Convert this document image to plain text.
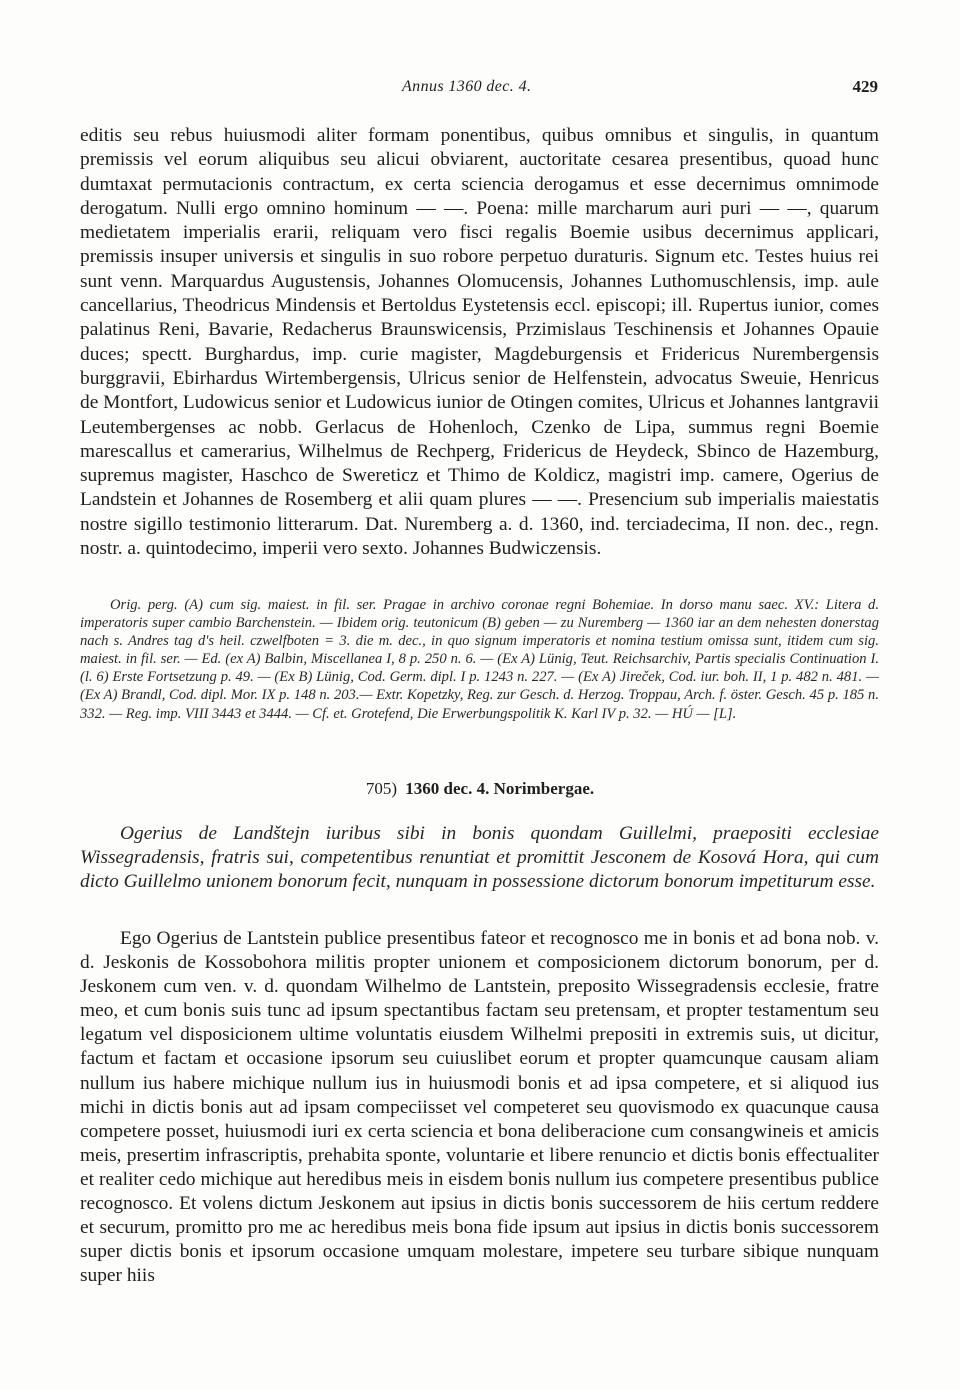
Annus 1360 dec. 4.	429

editis seu rebus huiusmodi aliter formam ponentibus, quibus omnibus et singulis, in quantum premissis vel eorum aliquibus seu alicui obviarent, auctoritate cesarea presentibus, quoad hunc dumtaxat permutacionis contractum, ex certa sciencia derogamus et esse decernimus omnimode derogatum. Nulli ergo omnino hominum — —. Poena: mille marcharum auri puri — —, quarum medietatem imperialis erarii, reliquam vero fisci regalis Boemie usibus decernimus applicari, premissis insuper universis et singulis in suo robore perpetuo duraturis. Signum etc. Testes huius rei sunt venn. Marquardus Augustensis, Johannes Olomucensis, Johannes Luthomuschlensis, imp. aule cancellarius, Theodricus Mindensis et Bertoldus Eystetensis eccl. episcopi; ill. Rupertus iunior, comes palatinus Reni, Bavarie, Redacherus Braunswicensis, Przimislaus Teschinensis et Johannes Opauie duces; spectt. Burghardus, imp. curie magister, Magdeburgensis et Fridericus Nurembergensis burggravii, Ebirhardus Wirtembergensis, Ulricus senior de Helfenstein, advocatus Sweuie, Henricus de Montfort, Ludowicus senior et Ludowicus iunior de Otingen comites, Ulricus et Johannes lantgravii Leutembergenses ac nobb. Gerlacus de Hohenloch, Czenko de Lipa, summus regni Boemie marescallus et camerarius, Wilhelmus de Rechperg, Fridericus de Heydeck, Sbinco de Hazemburg, supremus magister, Haschco de Swereticz et Thimo de Koldicz, magistri imp. camere, Ogerius de Landstein et Johannes de Rosemberg et alii quam plures — —. Presencium sub imperialis maiestatis nostre sigillo testimonio litterarum. Dat. Nuremberg a. d. 1360, ind. terciadecima, II non. dec., regn. nostr. a. quintodecimo, imperii vero sexto. Johannes Budwiczensis.

Orig. perg. (A) cum sig. maiest. in fil. ser. Pragae in archivo coronae regni Bohemiae. In dorso manu saec. XV.: Litera d. imperatoris super cambio Barchenstein. — Ibidem orig. teutonicum (B) geben — zu Nuremberg — 1360 iar an dem nehesten donerstag nach s. Andres tag d's heil. czwelfboten = 3. die m. dec., in quo signum imperatoris et nomina testium omissa sunt, itidem cum sig. maiest. in fil. ser. — Ed. (ex A) Balbin, Miscellanea I, 8 p. 250 n. 6. — (Ex A) Lünig, Teut. Reichsarchiv, Partis specialis Continuation I. (l. 6) Erste Fortsetzung p. 49. — (Ex B) Lünig, Cod. Germ. dipl. I p. 1243 n. 227. — (Ex A) Jireček, Cod. iur. boh. II, 1 p. 482 n. 481. — (Ex A) Brandl, Cod. dipl. Mor. IX p. 148 n. 203.— Extr. Kopetzky, Reg. zur Gesch. d. Herzog. Troppau, Arch. f. öster. Gesch. 45 p. 185 n. 332. — Reg. imp. VIII 3443 et 3444. — Cf. et. Grotefend, Die Erwerbungspolitik K. Karl IV p. 32. — HÚ — [L].

705) 1360 dec. 4. Norimbergae.

Ogerius de Landštejn iuribus sibi in bonis quondam Guillelmi, praepositi ecclesiae Wissegradensis, fratris sui, competentibus renuntiat et promittit Jesconem de Kosová Hora, qui cum dicto Guillelmo unionem bonorum fecit, nunquam in possessione dictorum bonorum impetiturum esse.

Ego Ogerius de Lantstein publice presentibus fateor et recognosco me in bonis et ad bona nob. v. d. Jeskonis de Kossobohora militis propter unionem et composicionem dictorum bonorum, per d. Jeskonem cum ven. v. d. quondam Wilhelmo de Lantstein, preposito Wissegradensis ecclesie, fratre meo, et cum bonis suis tunc ad ipsum spectantibus factam seu pretensam, et propter testamentum seu legatum vel disposicionem ultime voluntatis eiusdem Wilhelmi prepositi in extremis suis, ut dicitur, factum et factam et occasione ipsorum seu cuiuslibet eorum et propter quamcunque causam aliam nullum ius habere michique nullum ius in huiusmodi bonis et ad ipsa competere, et si aliquod ius michi in dictis bonis aut ad ipsam compeciisset vel competeret seu quovismodo ex quacunque causa competere posset, huiusmodi iuri ex certa sciencia et bona deliberacione cum consangwineis et amicis meis, presertim infrascriptis, prehabita sponte, voluntarie et libere renuncio et dictis bonis effectualiter et realiter cedo michique aut heredibus meis in eisdem bonis nullum ius competere presentibus publice recognosco. Et volens dictum Jeskonem aut ipsius in dictis bonis successorem de hiis certum reddere et securum, promitto pro me ac heredibus meis bona fide ipsum aut ipsius in dictis bonis successorem super dictis bonis et ipsorum occasione umquam molestare, impetere seu turbare sibique nunquam super hiis
